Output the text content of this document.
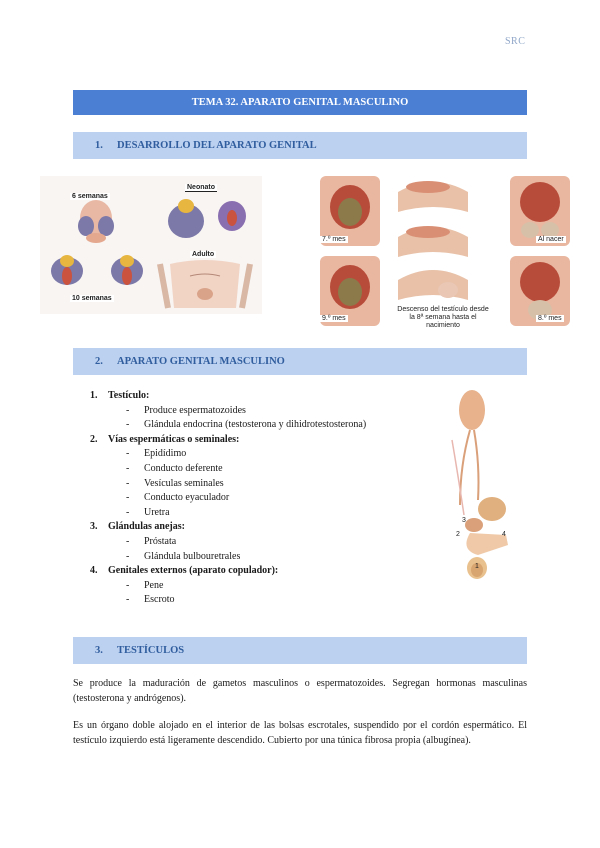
SRC
TEMA 32. APARATO GENITAL MASCULINO
1. DESARROLLO DEL APARATO GENITAL
6 semanas
Neonato
Adulto
10 semanas
7.º mes	Al nacer
9.º mes	8.º mes
Descenso del testículo desde la 8ª semana hasta el nacimiento
2. APARATO GENITAL MASCULINO
1. Testículo:
- Produce espermatozoides
- Glándula endocrina (testosterona y dihidrotestosterona)
2. Vías espermáticas o seminales:
- Epidídimo
- Conducto deferente
- Vesículas seminales
- Conducto eyaculador
- Uretra
3. Glándulas anejas:
- Próstata
- Glándula bulbouretrales
4. Genitales externos (aparato copulador):
- Pene
- Escroto
3
2	4
1
3. TESTÍCULOS
Se produce la maduración de gametos masculinos o espermatozoides. Segregan hormonas masculinas (testosterona y andrógenos).
Es un órgano doble alojado en el interior de las bolsas escrotales, suspendido por el cordón espermático. El testículo izquierdo está ligeramente descendido. Cubierto por una túnica fibrosa propia (albugínea).
